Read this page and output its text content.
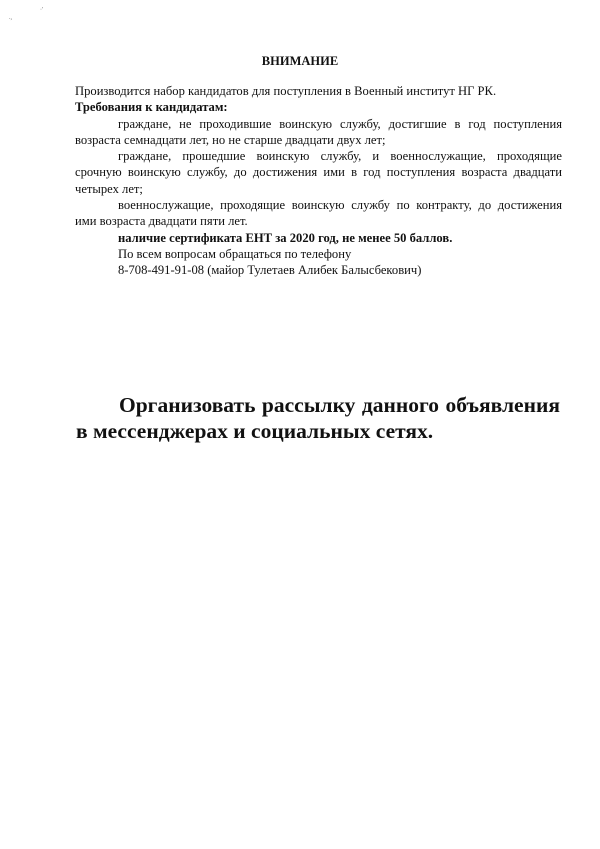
.,
·'
ВНИМАНИЕ

Производится набор кандидатов для поступления в Военный институт НГ РК.

Требования к кандидатам:

граждане, не проходившие воинскую службу, достигшие в год поступления возраста семнадцати лет, но не старше двадцати двух лет;

граждане, прошедшие воинскую службу, и военнослужащие, проходящие срочную воинскую службу, до достижения ими в год поступления возраста двадцати четырех лет;

военнослужащие, проходящие воинскую службу по контракту, до достижения ими возраста двадцати пяти лет.

наличие сертификата ЕНТ за 2020 год, не менее 50 баллов.

По всем вопросам обращаться по телефону

8-708-491-91-08 (майор Тулетаев Алибек Балысбекович)

Организовать рассылку данного объявления в мессенджерах и социальных сетях.
